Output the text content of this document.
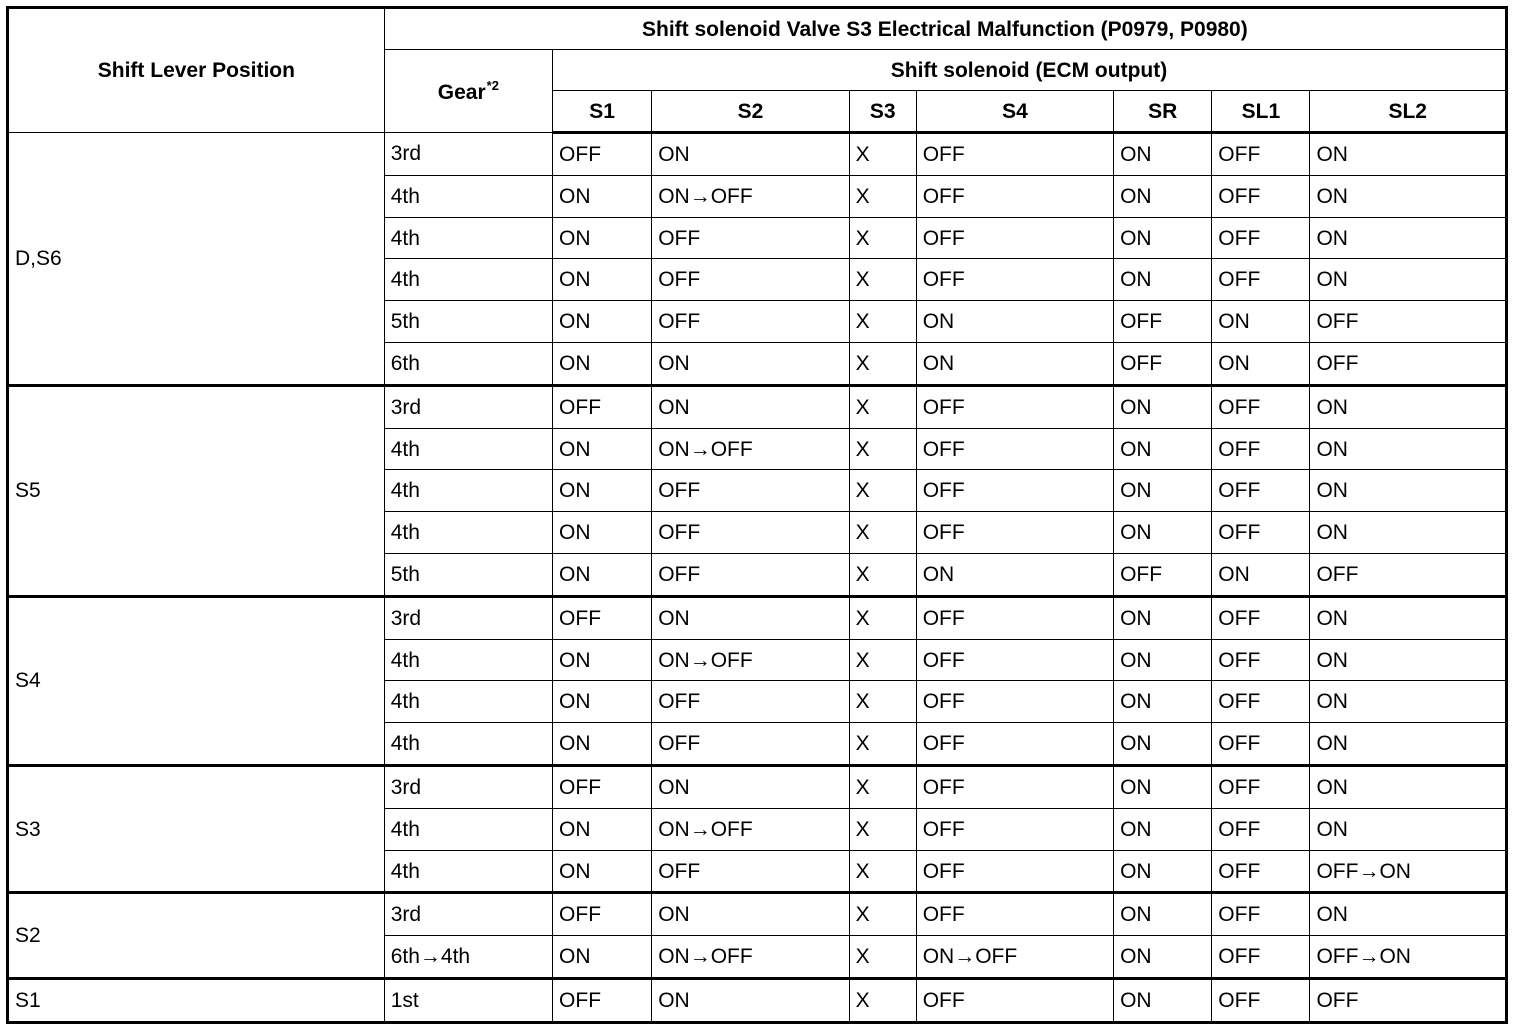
Shift Lever Position	Shift solenoid Valve S3 Electrical Malfunction (P0979, P0980)							
	Gear$^{*2}$	Shift solenoid (ECM output)						
		S1	S2	S3	S4	SR	SL1	SL2
D,S6	3rd	OFF	ON	X	OFF	ON	OFF	ON
	4th	ON	ON→OFF	X	OFF	ON	OFF	ON
	4th	ON	OFF	X	OFF	ON	OFF	ON
	4th	ON	OFF	X	OFF	ON	OFF	ON
	5th	ON	OFF	X	ON	OFF	ON	OFF
	6th	ON	ON	X	ON	OFF	ON	OFF
S5	3rd	OFF	ON	X	OFF	ON	OFF	ON
	4th	ON	ON→OFF	X	OFF	ON	OFF	ON
	4th	ON	OFF	X	OFF	ON	OFF	ON
	4th	ON	OFF	X	OFF	ON	OFF	ON
	5th	ON	OFF	X	ON	OFF	ON	OFF
S4	3rd	OFF	ON	X	OFF	ON	OFF	ON
	4th	ON	ON→OFF	X	OFF	ON	OFF	ON
	4th	ON	OFF	X	OFF	ON	OFF	ON
	4th	ON	OFF	X	OFF	ON	OFF	ON
S3	3rd	OFF	ON	X	OFF	ON	OFF	ON
	4th	ON	ON→OFF	X	OFF	ON	OFF	ON
	4th	ON	OFF	X	OFF	ON	OFF	OFF→ON
S2	3rd	OFF	ON	X	OFF	ON	OFF	ON
	6th→4th	ON	ON→OFF	X	ON→OFF	ON	OFF	OFF→ON
S1	1st	OFF	ON	X	OFF	ON	OFF	OFF
